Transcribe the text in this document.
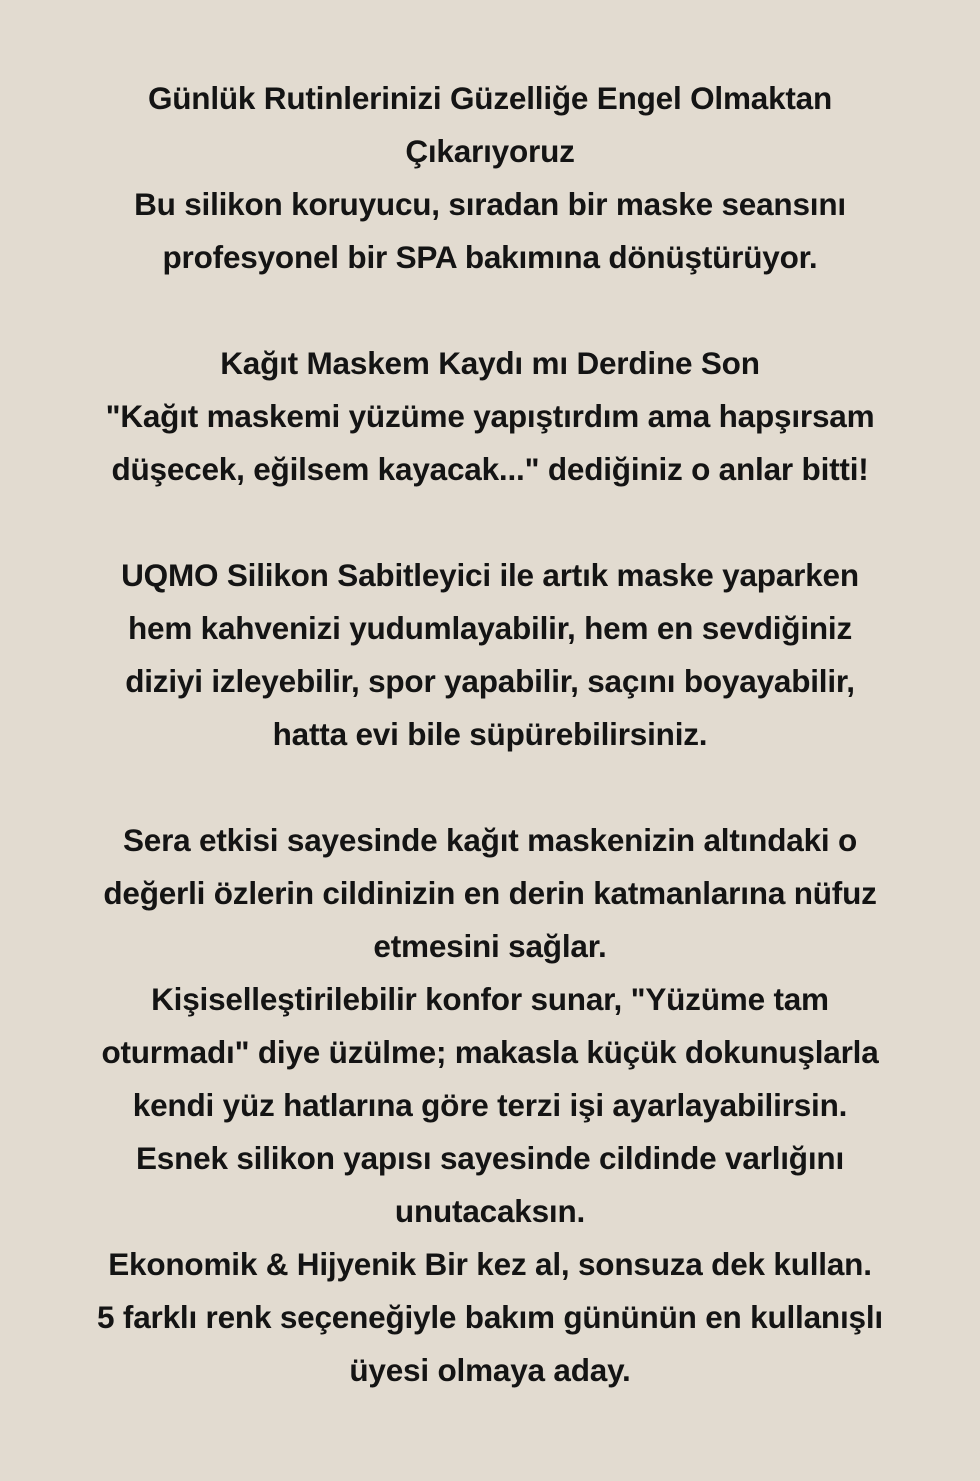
Günlük Rutinlerinizi Güzelliğe Engel Olmaktan

Çıkarıyoruz

Bu silikon koruyucu, sıradan bir maske seansını

profesyonel bir SPA bakımına dönüştürüyor.

Kağıt Maskem Kaydı mı Derdine Son

"Kağıt maskemi yüzüme yapıştırdım ama hapşırsam

düşecek, eğilsem kayacak..." dediğiniz o anlar bitti!

UQMO Silikon Sabitleyici ile artık maske yaparken

hem kahvenizi yudumlayabilir, hem en sevdiğiniz

diziyi izleyebilir, spor yapabilir, saçını boyayabilir,

hatta evi bile süpürebilirsiniz.

Sera etkisi sayesinde kağıt maskenizin altındaki o

değerli özlerin cildinizin en derin katmanlarına nüfuz

etmesini sağlar.

Kişiselleştirilebilir konfor sunar, "Yüzüme tam

oturmadı" diye üzülme; makasla küçük dokunuşlarla

kendi yüz hatlarına göre terzi işi ayarlayabilirsin.

Esnek silikon yapısı sayesinde cildinde varlığını

unutacaksın.

Ekonomik & Hijyenik Bir kez al, sonsuza dek kullan.

5 farklı renk seçeneğiyle bakım gününün en kullanışlı

üyesi olmaya aday.
